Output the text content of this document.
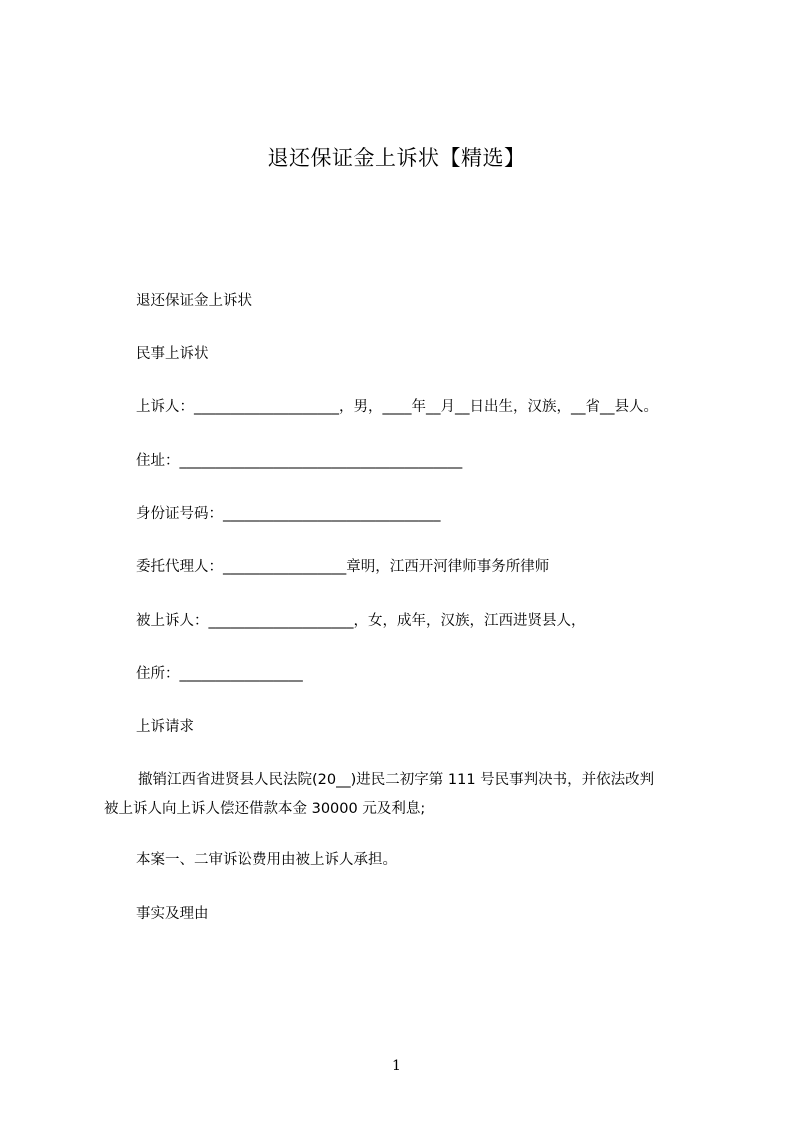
退还保证金上诉状【精选】
退还保证金上诉状
民事上诉状
上诉人：____________________，男，____年__月__日出生，汉族，__省__县人。
住址：_______________________________________
身份证号码：______________________________
委托代理人：_________________章明，江西开河律师事务所律师
被上诉人：____________________，女，成年，汉族，江西进贤县人，
住所：_________________
上诉请求
撤销江西省进贤县人民法院(20__)进民二初字第 111 号民事判决书，并依法改判
被上诉人向上诉人偿还借款本金 30000 元及利息;
本案一、二审诉讼费用由被上诉人承担。
事实及理由
1
